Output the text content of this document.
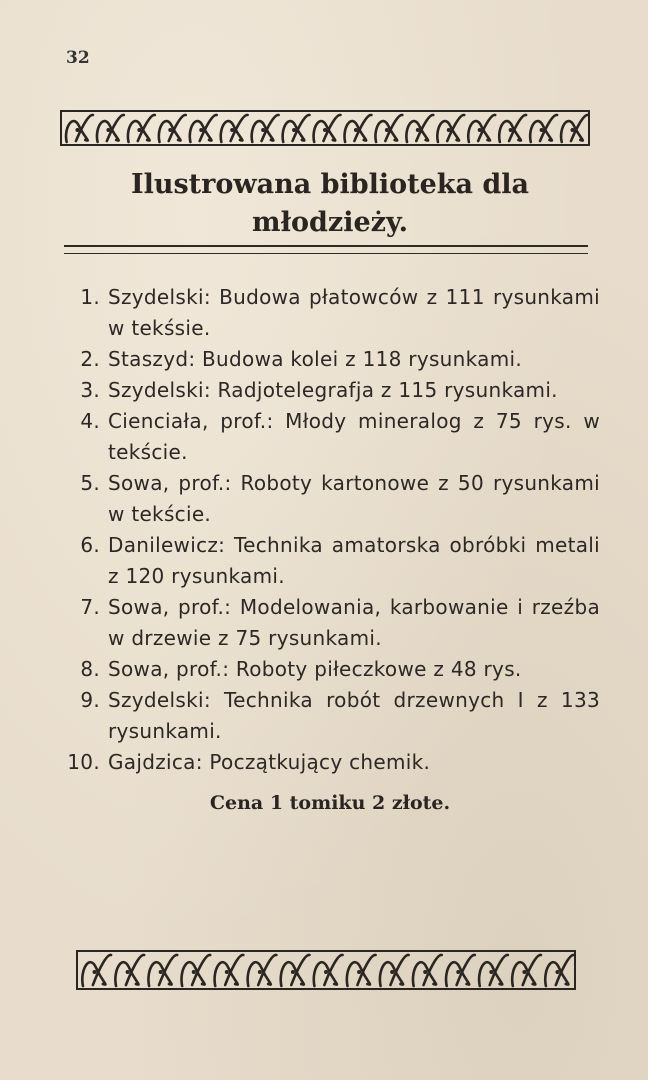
32
Ilustrowana biblioteka dla
młodzieży.
1. Szydelski: Budowa płatowców z 111 rysunkami w tekśsie.
2. Staszyd: Budowa kolei z 118 rysunkami.
3. Szydelski: Radjotelegrafja z 115 rysunkami.
4. Cienciała, prof.: Młody mineralog z 75 rys. w tekście.
5. Sowa, prof.: Roboty kartonowe z 50 rysunkami w tekście.
6. Danilewicz: Technika amatorska obróbki metali z 120 rysunkami.
7. Sowa, prof.: Modelowania, karbowanie i rzeźba w drzewie z 75 rysunkami.
8. Sowa, prof.: Roboty piłeczkowe z 48 rys.
9. Szydelski: Technika robót drzewnych I z 133 rysunkami.
10. Gajdzica: Początkujący chemik.
Cena 1 tomiku 2 złote.
